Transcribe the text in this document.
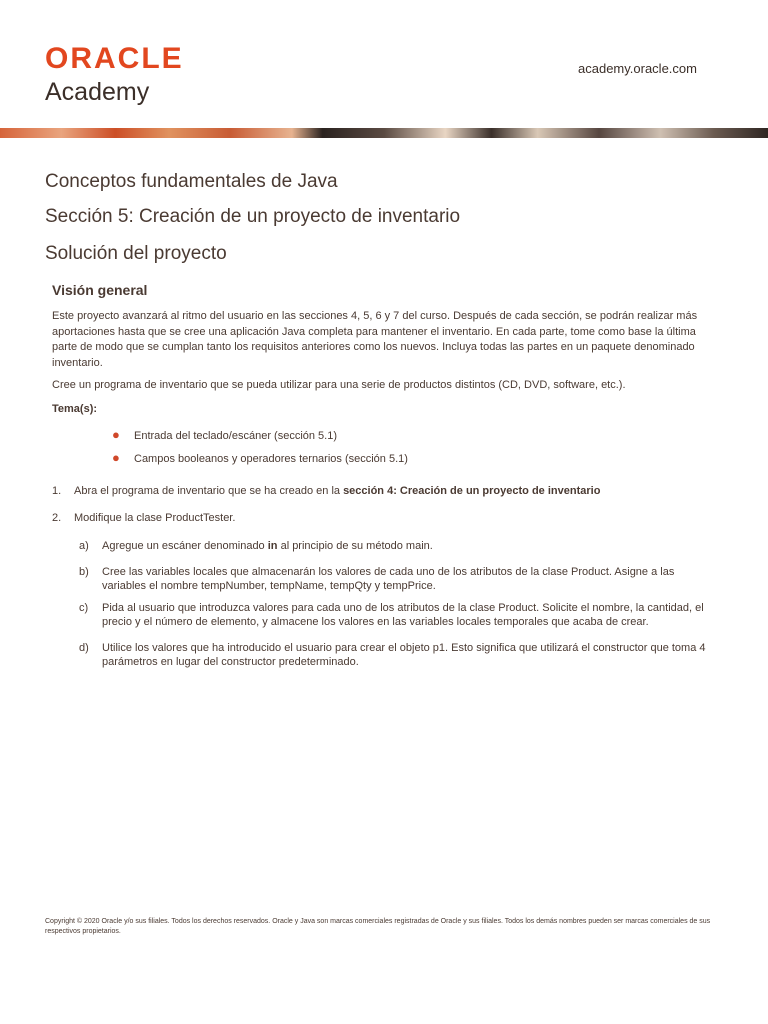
ORACLE
Academy
academy.oracle.com
Conceptos fundamentales de Java
Sección 5: Creación de un proyecto de inventario
Solución del proyecto
Visión general

Este proyecto avanzará al ritmo del usuario en las secciones 4, 5, 6 y 7 del curso. Después de cada sección, se podrán realizar más aportaciones hasta que se cree una aplicación Java completa para mantener el inventario. En cada parte, tome como base la última parte de modo que se cumplan tanto los requisitos anteriores como los nuevos. Incluya todas las partes en un paquete denominado inventario.

Cree un programa de inventario que se pueda utilizar para una serie de productos distintos (CD, DVD, software, etc.).

Tema(s):
● Entrada del teclado/escáner (sección 5.1)
● Campos booleanos y operadores ternarios (sección 5.1)
1. Abra el programa de inventario que se ha creado en la sección 4: Creación de un proyecto de inventario
2. Modifique la clase ProductTester.
a) Agregue un escáner denominado in al principio de su método main.
b) Cree las variables locales que almacenarán los valores de cada uno de los atributos de la clase Product. Asigne a las variables el nombre tempNumber, tempName, tempQty y tempPrice.
c) Pida al usuario que introduzca valores para cada uno de los atributos de la clase Product. Solicite el nombre, la cantidad, el precio y el número de elemento, y almacene los valores en las variables locales temporales que acaba de crear.
d) Utilice los valores que ha introducido el usuario para crear el objeto p1. Esto significa que utilizará el constructor que toma 4 parámetros en lugar del constructor predeterminado.
Copyright © 2020 Oracle y/o sus filiales. Todos los derechos reservados. Oracle y Java son marcas comerciales registradas de Oracle y sus filiales. Todos los demás nombres pueden ser marcas comerciales de sus respectivos propietarios.
